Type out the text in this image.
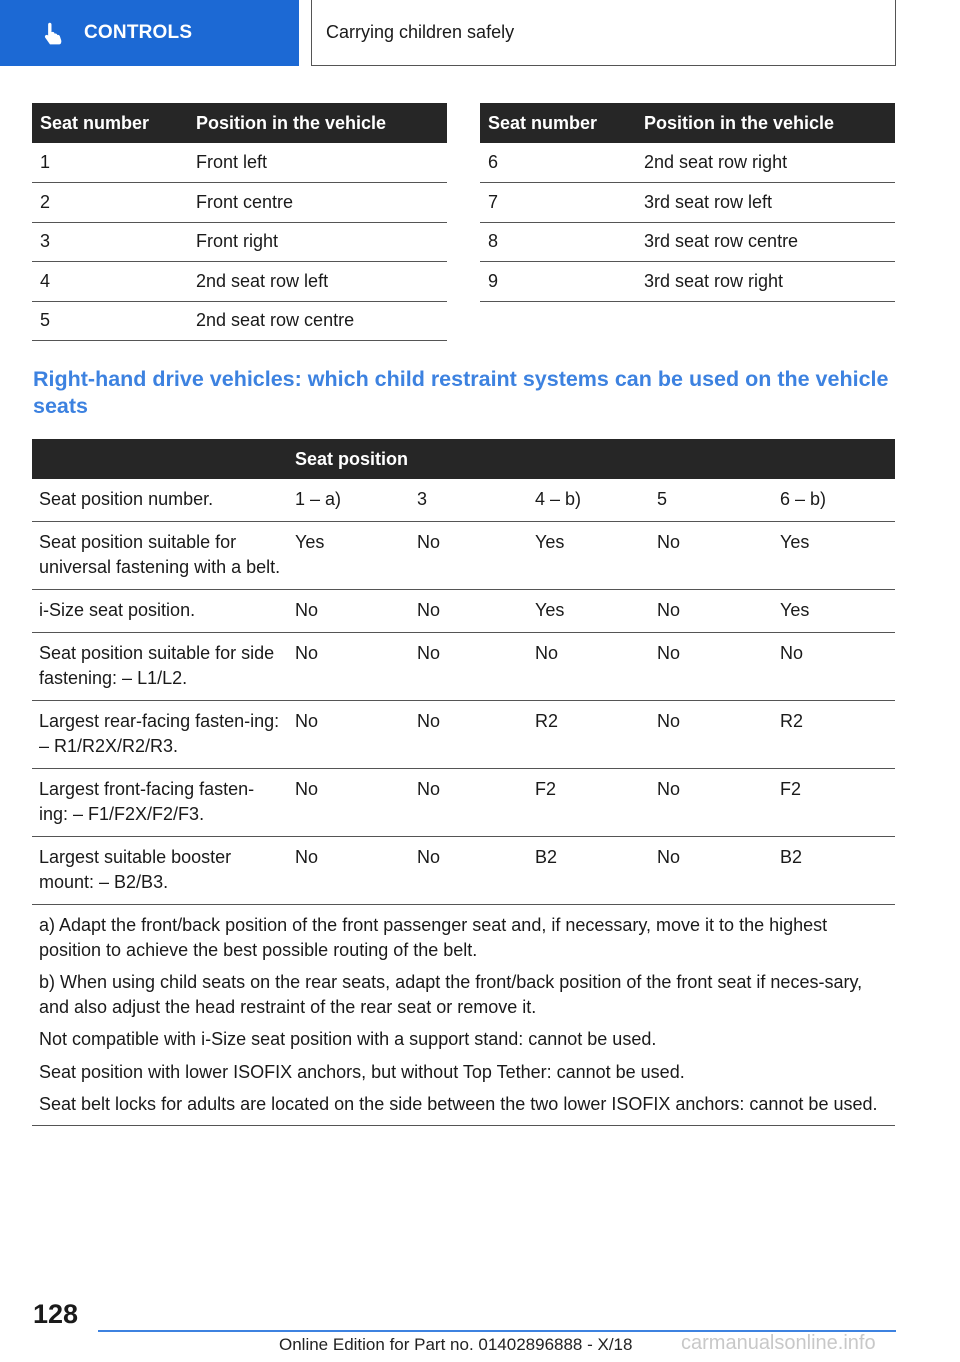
CONTROLS	Carrying children safely
Seat number	Position in the vehicle
1	Front left
2	Front centre
3	Front right
4	2nd seat row left
5	2nd seat row centre
Seat number	Position in the vehicle
6	2nd seat row right
7	3rd seat row left
8	3rd seat row centre
9	3rd seat row right
Right-hand drive vehicles: which child restraint systems can be used on the vehicle seats
	Seat position				
Seat position number.	1 – a)	3	4 – b)	5	6 – b)
Seat position suitable for universal fastening with a belt.	Yes	No	Yes	No	Yes
i-Size seat position.	No	No	Yes	No	Yes
Seat position suitable for side fastening: – L1/L2.	No	No	No	No	No
Largest rear-facing fasten‐ing: – R1/R2X/R2/R3.	No	No	R2	No	R2
Largest front-facing fasten‐ing: – F1/F2X/F2/F3.	No	No	F2	No	F2
Largest suitable booster mount: – B2/B3.	No	No	B2	No	B2

a) Adapt the front/back position of the front passenger seat and, if necessary, move it to the highest position to achieve the best possible routing of the belt.

b) When using child seats on the rear seats, adapt the front/back position of the front seat if neces‐sary, and also adjust the head restraint of the rear seat or remove it.

Not compatible with i-Size seat position with a support stand: cannot be used.

Seat position with lower ISOFIX anchors, but without Top Tether: cannot be used.

Seat belt locks for adults are located on the side between the two lower ISOFIX anchors: cannot be used.					

128
Online Edition for Part no. 01402896888 - X/18 carmanualsonline.info
